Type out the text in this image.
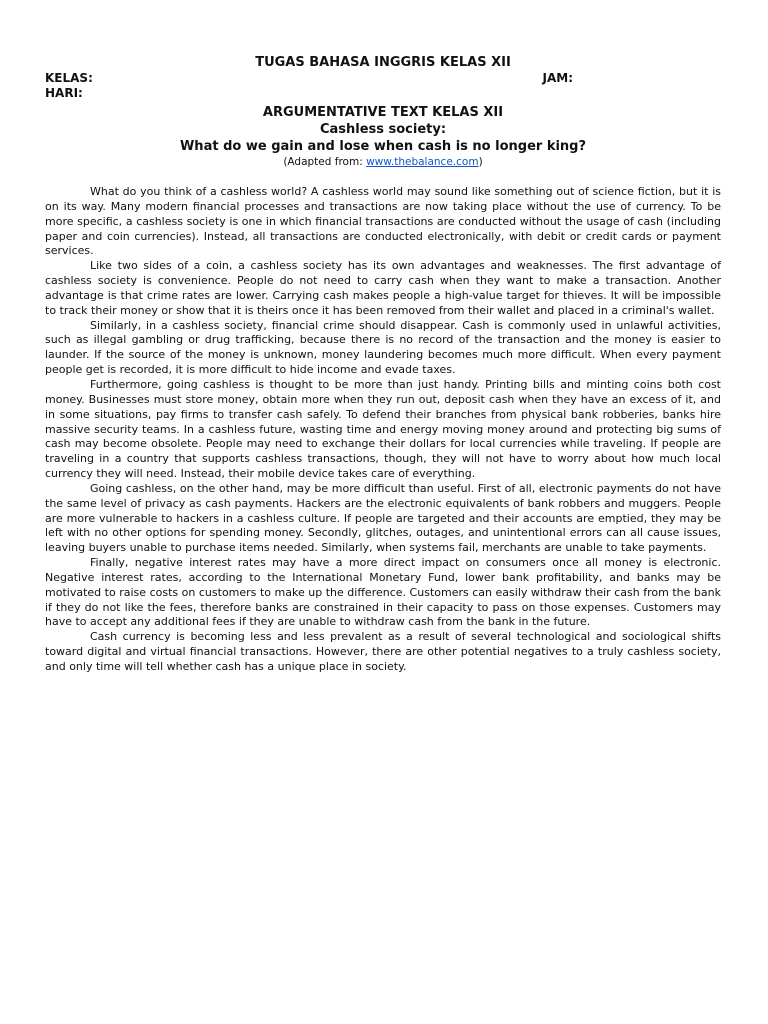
TUGAS BAHASA INGGRIS KELAS XII
KELAS:	JAM:
HARI:
ARGUMENTATIVE TEXT KELAS XII
Cashless society:
What do we gain and lose when cash is no longer king?
(Adapted from: www.thebalance.com)

What do you think of a cashless world? A cashless world may sound like something out of science fiction, but it is on its way. Many modern financial processes and transactions are now taking place without the use of currency. To be more specific, a cashless society is one in which financial transactions are conducted without the usage of cash (including paper and coin currencies). Instead, all transactions are conducted electronically, with debit or credit cards or payment services.

Like two sides of a coin, a cashless society has its own advantages and weaknesses. The first advantage of cashless society is convenience. People do not need to carry cash when they want to make a transaction. Another advantage is that crime rates are lower. Carrying cash makes people a high-value target for thieves. It will be impossible to track their money or show that it is theirs once it has been removed from their wallet and placed in a criminal's wallet.

Similarly, in a cashless society, financial crime should disappear. Cash is commonly used in unlawful activities, such as illegal gambling or drug trafficking, because there is no record of the transaction and the money is easier to launder. If the source of the money is unknown, money laundering becomes much more difficult. When every payment people get is recorded, it is more difficult to hide income and evade taxes.

Furthermore, going cashless is thought to be more than just handy. Printing bills and minting coins both cost money. Businesses must store money, obtain more when they run out, deposit cash when they have an excess of it, and in some situations, pay firms to transfer cash safely. To defend their branches from physical bank robberies, banks hire massive security teams. In a cashless future, wasting time and energy moving money around and protecting big sums of cash may become obsolete. People may need to exchange their dollars for local currencies while traveling. If people are traveling in a country that supports cashless transactions, though, they will not have to worry about how much local currency they will need. Instead, their mobile device takes care of everything.

Going cashless, on the other hand, may be more difficult than useful. First of all, electronic payments do not have the same level of privacy as cash payments. Hackers are the electronic equivalents of bank robbers and muggers. People are more vulnerable to hackers in a cashless culture. If people are targeted and their accounts are emptied, they may be left with no other options for spending money. Secondly, glitches, outages, and unintentional errors can all cause issues, leaving buyers unable to purchase items needed. Similarly, when systems fail, merchants are unable to take payments.

Finally, negative interest rates may have a more direct impact on consumers once all money is electronic. Negative interest rates, according to the International Monetary Fund, lower bank profitability, and banks may be motivated to raise costs on customers to make up the difference. Customers can easily withdraw their cash from the bank if they do not like the fees, therefore banks are constrained in their capacity to pass on those expenses. Customers may have to accept any additional fees if they are unable to withdraw cash from the bank in the future.

Cash currency is becoming less and less prevalent as a result of several technological and sociological shifts toward digital and virtual financial transactions. However, there are other potential negatives to a truly cashless society, and only time will tell whether cash has a unique place in society.
